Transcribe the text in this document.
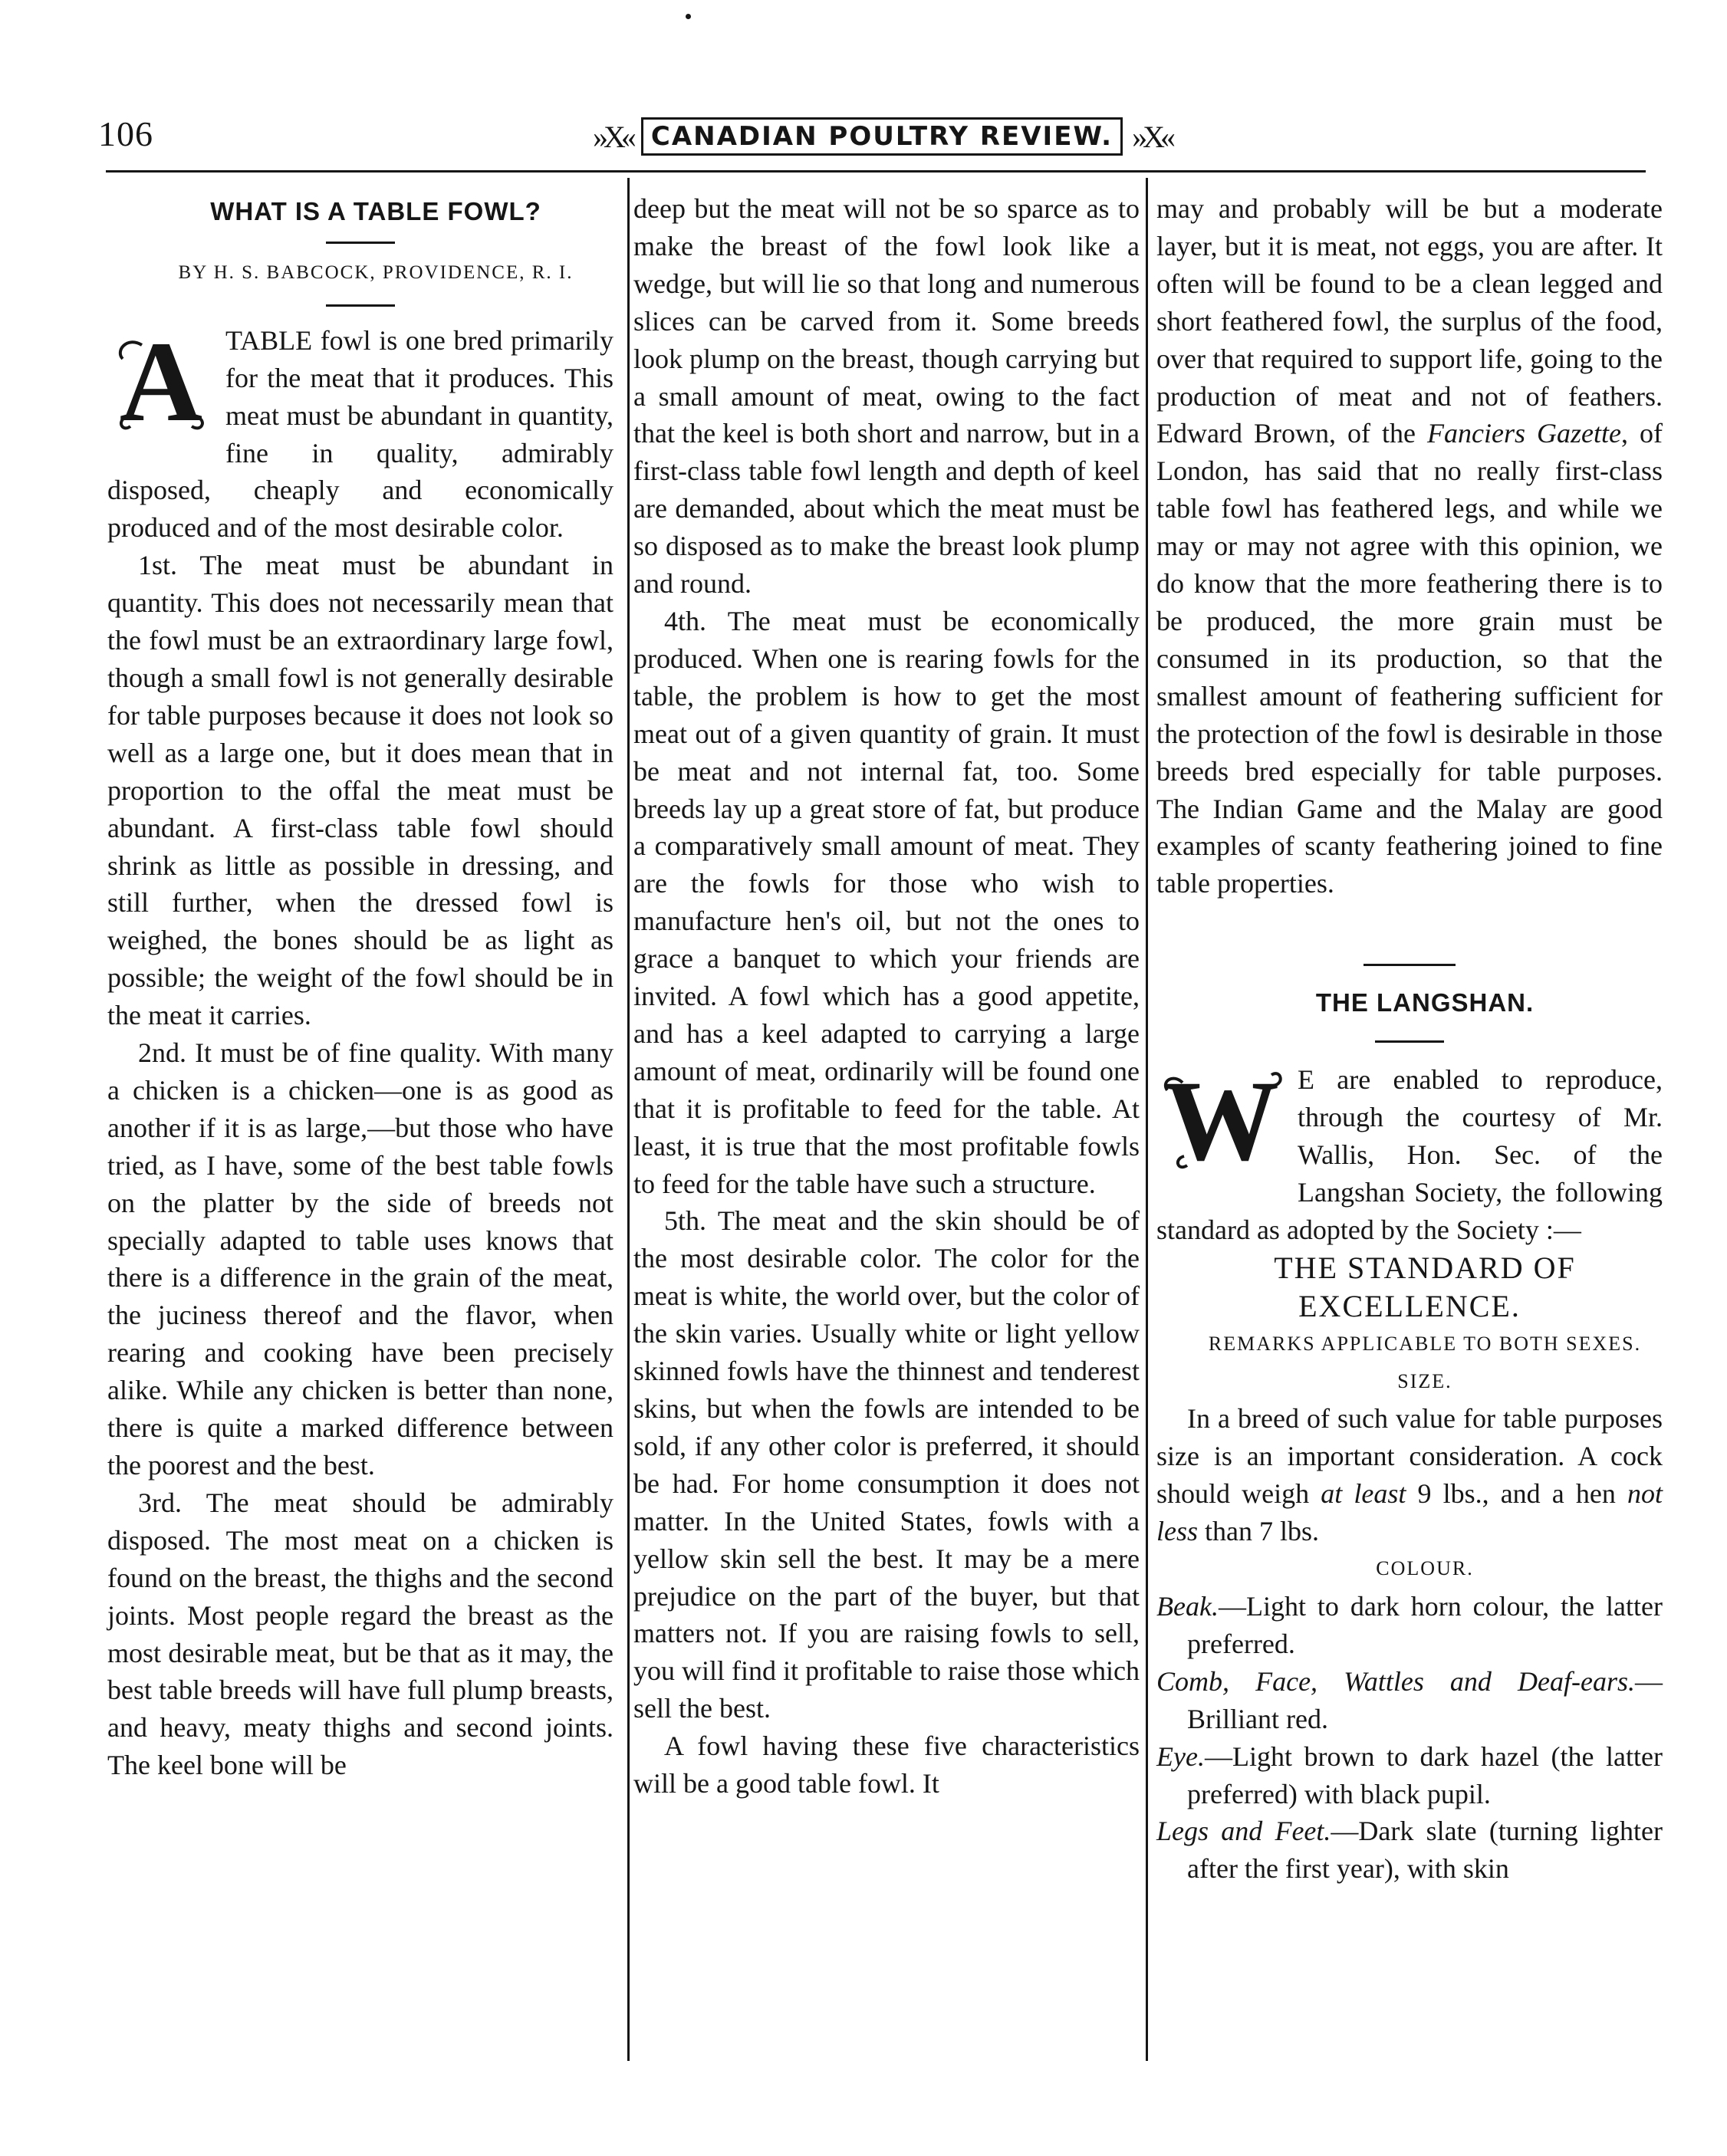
106	»X« CANADIAN POULTRY REVIEW. »X«

WHAT IS A TABLE FOWL?

BY H. S. BABCOCK, PROVIDENCE, R. I.

A TABLE fowl is one bred primarily for the meat that it produces. This meat must be abundant in quantity, fine in quality, admirably disposed, cheaply and economically produced and of the most desirable color.

1st. The meat must be abundant in quantity. This does not necessarily mean that the fowl must be an extraordinary large fowl, though a small fowl is not generally desirable for table purposes because it does not look so well as a large one, but it does mean that in proportion to the offal the meat must be abundant. A first-class table fowl should shrink as little as possible in dressing, and still further, when the dressed fowl is weighed, the bones should be as light as possible; the weight of the fowl should be in the meat it carries.

2nd. It must be of fine quality. With many a chicken is a chicken—one is as good as another if it is as large,—but those who have tried, as I have, some of the best table fowls on the platter by the side of breeds not specially adapted to table uses knows that there is a difference in the grain of the meat, the juciness thereof and the flavor, when rearing and cooking have been precisely alike. While any chicken is better than none, there is quite a marked difference between the poorest and the best.

3rd. The meat should be admirably disposed. The most meat on a chicken is found on the breast, the thighs and the second joints. Most people regard the breast as the most desirable meat, but be that as it may, the best table breeds will have full plump breasts, and heavy, meaty thighs and second joints. The keel bone will be

deep but the meat will not be so sparce as to make the breast of the fowl look like a wedge, but will lie so that long and numerous slices can be carved from it. Some breeds look plump on the breast, though carrying but a small amount of meat, owing to the fact that the keel is both short and narrow, but in a first-class table fowl length and depth of keel are demanded, about which the meat must be so disposed as to make the breast look plump and round.

4th. The meat must be economically produced. When one is rearing fowls for the table, the problem is how to get the most meat out of a given quantity of grain. It must be meat and not internal fat, too. Some breeds lay up a great store of fat, but produce a comparatively small amount of meat. They are the fowls for those who wish to manufacture hen's oil, but not the ones to grace a banquet to which your friends are invited. A fowl which has a good appetite, and has a keel adapted to carrying a large amount of meat, ordinarily will be found one that it is profitable to feed for the table. At least, it is true that the most profitable fowls to feed for the table have such a structure.

5th. The meat and the skin should be of the most desirable color. The color for the meat is white, the world over, but the color of the skin varies. Usually white or light yellow skinned fowls have the thinnest and tenderest skins, but when the fowls are intended to be sold, if any other color is preferred, it should be had. For home consumption it does not matter. In the United States, fowls with a yellow skin sell the best. It may be a mere prejudice on the part of the buyer, but that matters not. If you are raising fowls to sell, you will find it profitable to raise those which sell the best.

A fowl having these five characteristics will be a good table fowl. It

may and probably will be but a moderate layer, but it is meat, not eggs, you are after. It often will be found to be a clean legged and short feathered fowl, the surplus of the food, over that required to support life, going to the production of meat and not of feathers. Edward Brown, of the Fanciers Gazette, of London, has said that no really first-class table fowl has feathered legs, and while we may or may not agree with this opinion, we do know that the more feathering there is to be produced, the more grain must be consumed in its production, so that the smallest amount of feathering sufficient for the protection of the fowl is desirable in those breeds bred especially for table purposes. The Indian Game and the Malay are good examples of scanty feathering joined to fine table properties.

THE LANGSHAN.

W E are enabled to reproduce, through the courtesy of Mr. Wallis, Hon. Sec. of the Langshan Society, the following standard as adopted by the Society :—

THE STANDARD OF EXCELLENCE.

REMARKS APPLICABLE TO BOTH SEXES.

SIZE.

In a breed of such value for table purposes size is an important consideration. A cock should weigh at least 9 lbs., and a hen not less than 7 lbs.

COLOUR.

Beak.—Light to dark horn colour, the latter preferred.

Comb, Face, Wattles and Deaf-ears.—Brilliant red.

Eye.—Light brown to dark hazel (the latter preferred) with black pupil.

Legs and Feet.—Dark slate (turning lighter after the first year), with skin
